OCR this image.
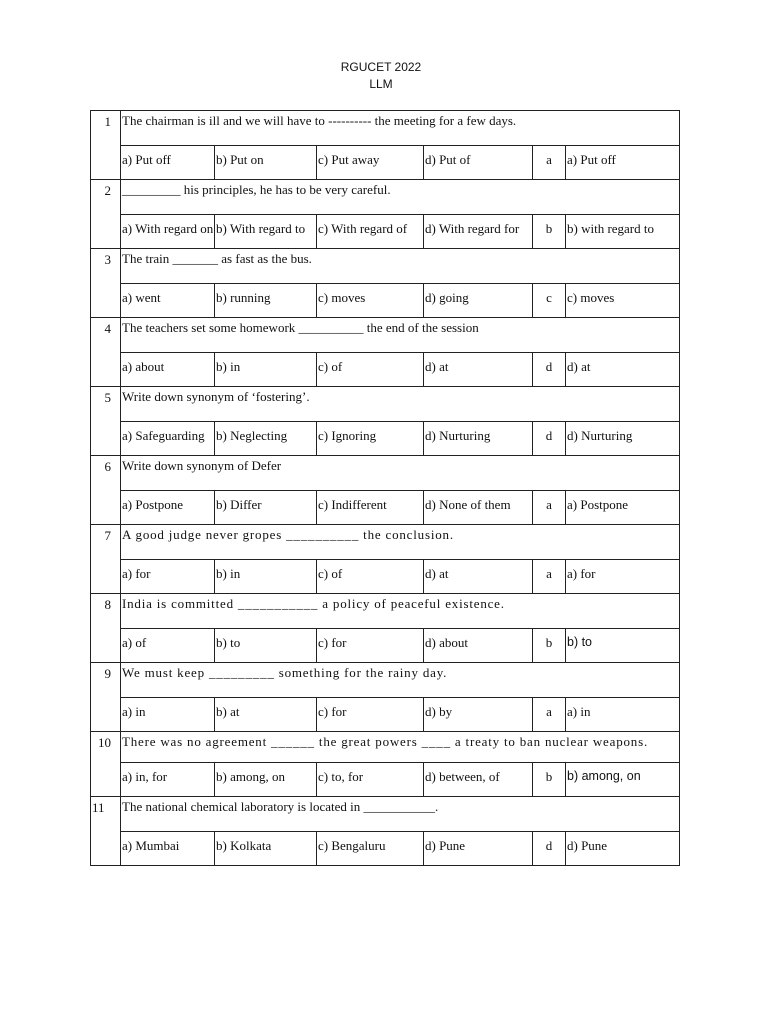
RGUCET 2022
LLM
1	The chairman is ill and we will have to ---------- the meeting for a few days.					
	a) Put off	b) Put on	c) Put away	d) Put of	a	a) Put off
2	_________ his principles, he has to be very careful.					
	a) With regard on	b) With regard to	c) With regard of	d) With regard for	b	b) with regard to
3	The train _______ as fast as the bus.					
	a) went	b) running	c) moves	d) going	c	c) moves
4	The teachers set some homework __________ the end of the session					
	a) about	b) in	c) of	d) at	d	d) at
5	Write down synonym of ‘fostering’.					
	a) Safeguarding	b) Neglecting	c) Ignoring	d) Nurturing	d	d) Nurturing
6	Write down synonym of Defer					
	a) Postpone	b) Differ	c) Indifferent	d) None of them	a	a) Postpone
7	A good judge never gropes __________ the conclusion.					
	a) for	b) in	c) of	d) at	a	a) for
8	India is committed ___________ a policy of peaceful existence.					
	a) of	b) to	c) for	d) about	b	b) to
9	We must keep _________ something for the rainy day.					
	a) in	b) at	c) for	d) by	a	a) in
10	There was no agreement ______ the great powers ____ a treaty to ban nuclear weapons.					
	a) in, for	b) among, on	c) to, for	d) between, of	b	b) among, on
11	The national chemical laboratory is located in ___________.					
	a) Mumbai	b) Kolkata	c) Bengaluru	d) Pune	d	d) Pune
